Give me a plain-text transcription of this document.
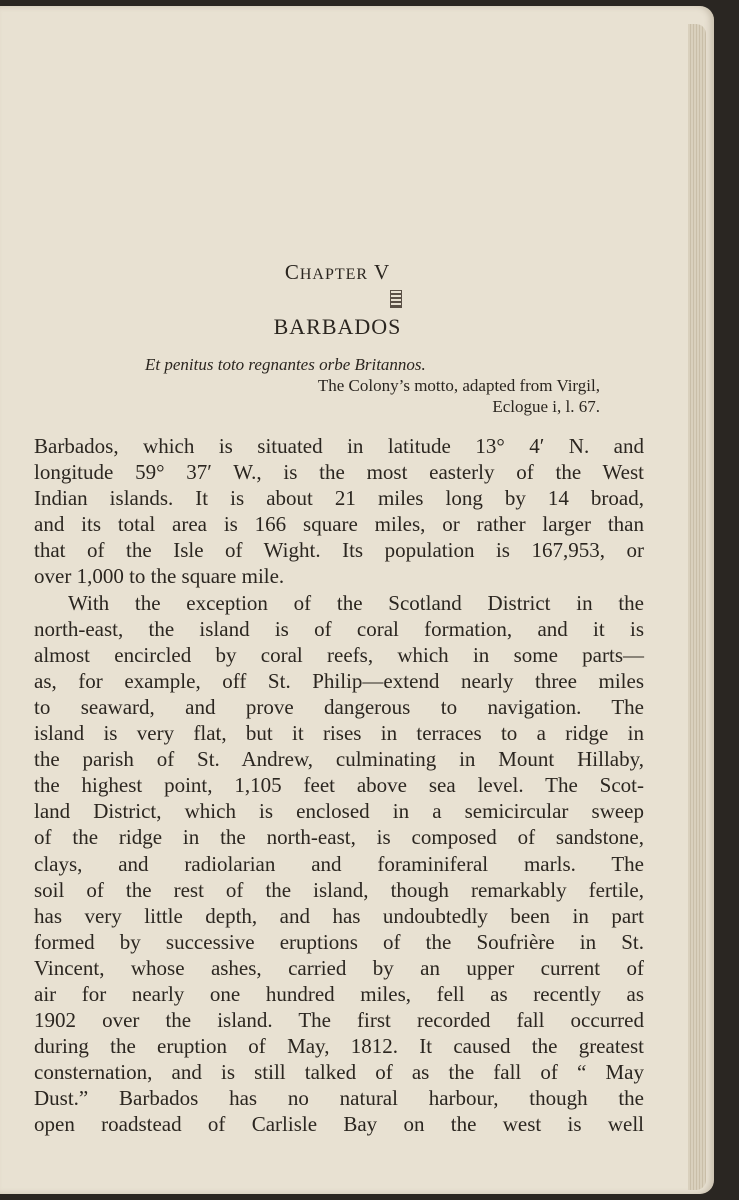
CHAPTER V
BARBADOS
Et penitus toto regnantes orbe Britannos.
The Colony’s motto, adapted from Virgil,
Eclogue i, l. 67.
Barbados, which is situated in latitude 13° 4′ N. and
longitude 59° 37′ W., is the most easterly of the West
Indian islands. It is about 21 miles long by 14 broad,
and its total area is 166 square miles, or rather larger than
that of the Isle of Wight. Its population is 167,953, or
over 1,000 to the square mile.
With the exception of the Scotland District in the
north-east, the island is of coral formation, and it is
almost encircled by coral reefs, which in some parts—
as, for example, off St. Philip—extend nearly three miles
to seaward, and prove dangerous to navigation. The
island is very flat, but it rises in terraces to a ridge in
the parish of St. Andrew, culminating in Mount Hillaby,
the highest point, 1,105 feet above sea level. The Scot-
land District, which is enclosed in a semicircular sweep
of the ridge in the north-east, is composed of sandstone,
clays, and radiolarian and foraminiferal marls. The
soil of the rest of the island, though remarkably fertile,
has very little depth, and has undoubtedly been in part
formed by successive eruptions of the Soufrière in St.
Vincent, whose ashes, carried by an upper current of
air for nearly one hundred miles, fell as recently as
1902 over the island. The first recorded fall occurred
during the eruption of May, 1812. It caused the greatest
consternation, and is still talked of as the fall of “ May
Dust.” Barbados has no natural harbour, though the
open roadstead of Carlisle Bay on the west is well
